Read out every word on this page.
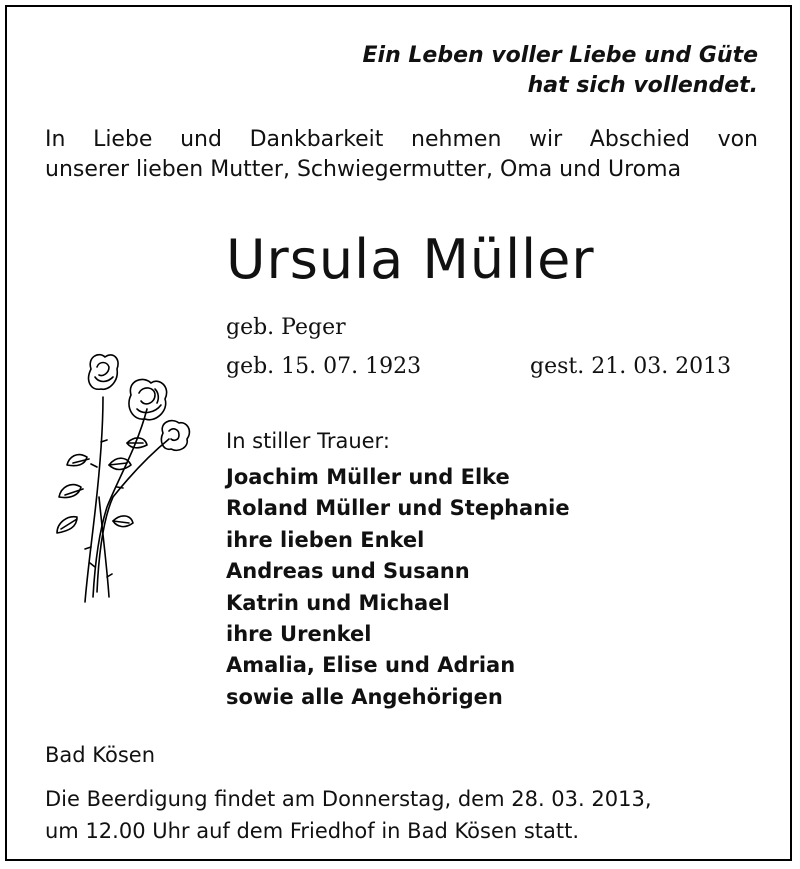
Ein Leben voller Liebe und Güte
hat sich vollendet.
In Liebe und Dankbarkeit nehmen wir Abschied von
unserer lieben Mutter, Schwiegermutter, Oma und Uroma
Ursula Müller
geb. Peger
geb. 15. 07. 1923	gest. 21. 03. 2013
In stiller Trauer:
Joachim Müller und Elke
Roland Müller und Stephanie
ihre lieben Enkel
Andreas und Susann
Katrin und Michael
ihre Urenkel
Amalia, Elise und Adrian
sowie alle Angehörigen
Bad Kösen
Die Beerdigung findet am Donnerstag, dem 28. 03. 2013,
um 12.00 Uhr auf dem Friedhof in Bad Kösen statt.
